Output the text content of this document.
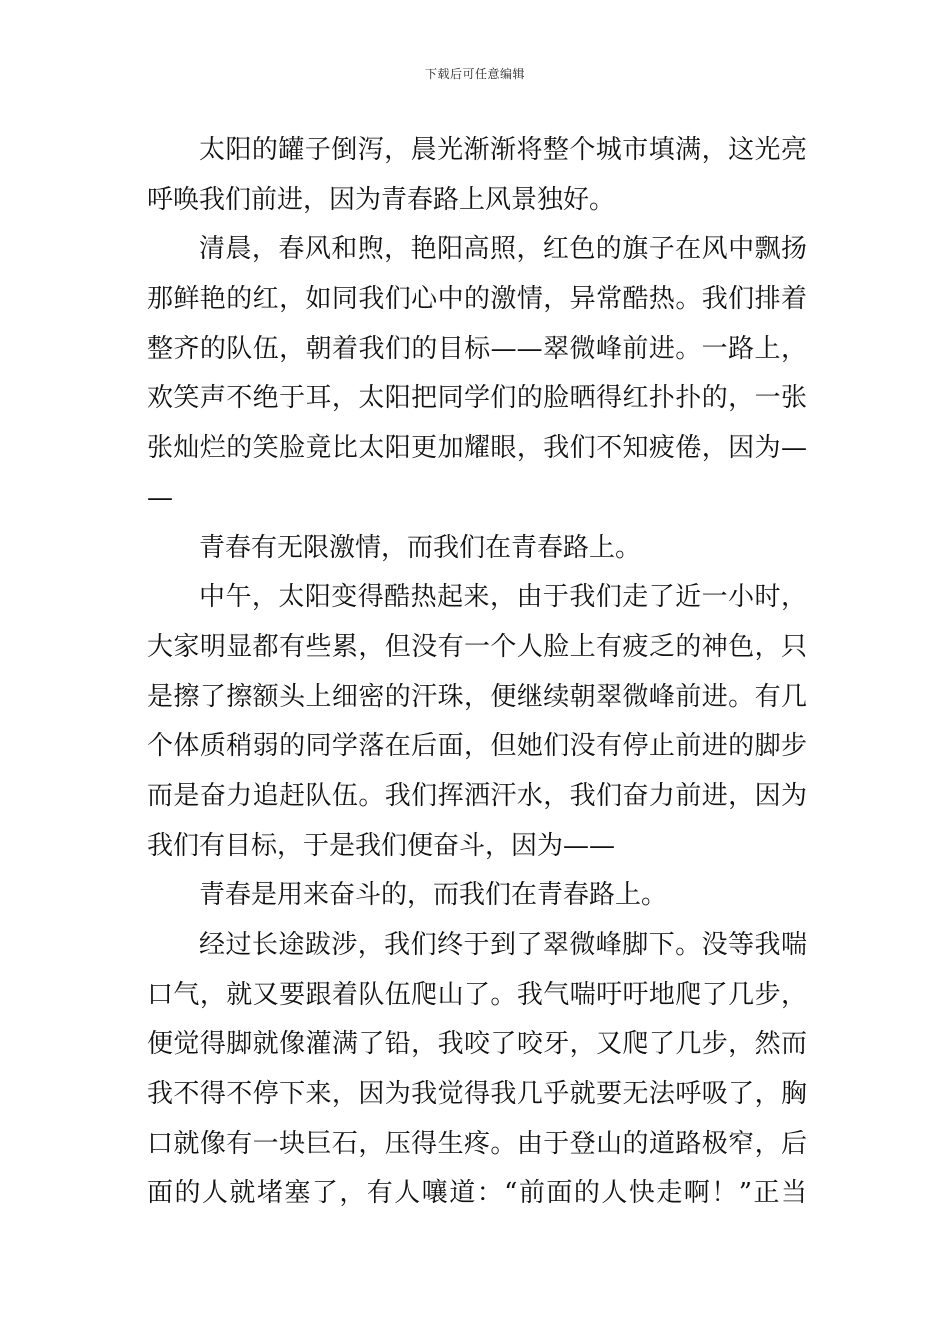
下载后可任意编辑
太阳的罐子倒泻，晨光渐渐将整个城市填满，这光亮
呼唤我们前进，因为青春路上风景独好。
清晨，春风和煦，艳阳高照，红色的旗子在风中飘扬
那鲜艳的红，如同我们心中的激情，异常酷热。我们排着
整齐的队伍，朝着我们的目标——翠微峰前进。一路上，
欢笑声不绝于耳，太阳把同学们的脸晒得红扑扑的，一张
张灿烂的笑脸竟比太阳更加耀眼，我们不知疲倦，因为—
—
青春有无限激情，而我们在青春路上。
中午，太阳变得酷热起来，由于我们走了近一小时，
大家明显都有些累，但没有一个人脸上有疲乏的神色，只
是擦了擦额头上细密的汗珠，便继续朝翠微峰前进。有几
个体质稍弱的同学落在后面，但她们没有停止前进的脚步
而是奋力追赶队伍。我们挥洒汗水，我们奋力前进，因为
我们有目标，于是我们便奋斗，因为——
青春是用来奋斗的，而我们在青春路上。
经过长途跋涉，我们终于到了翠微峰脚下。没等我喘
口气，就又要跟着队伍爬山了。我气喘吁吁地爬了几步，
便觉得脚就像灌满了铅，我咬了咬牙，又爬了几步，然而
我不得不停下来，因为我觉得我几乎就要无法呼吸了，胸
口就像有一块巨石，压得生疼。由于登山的道路极窄，后
面的人就堵塞了，有人嚷道：“前面的人快走啊！”正当
